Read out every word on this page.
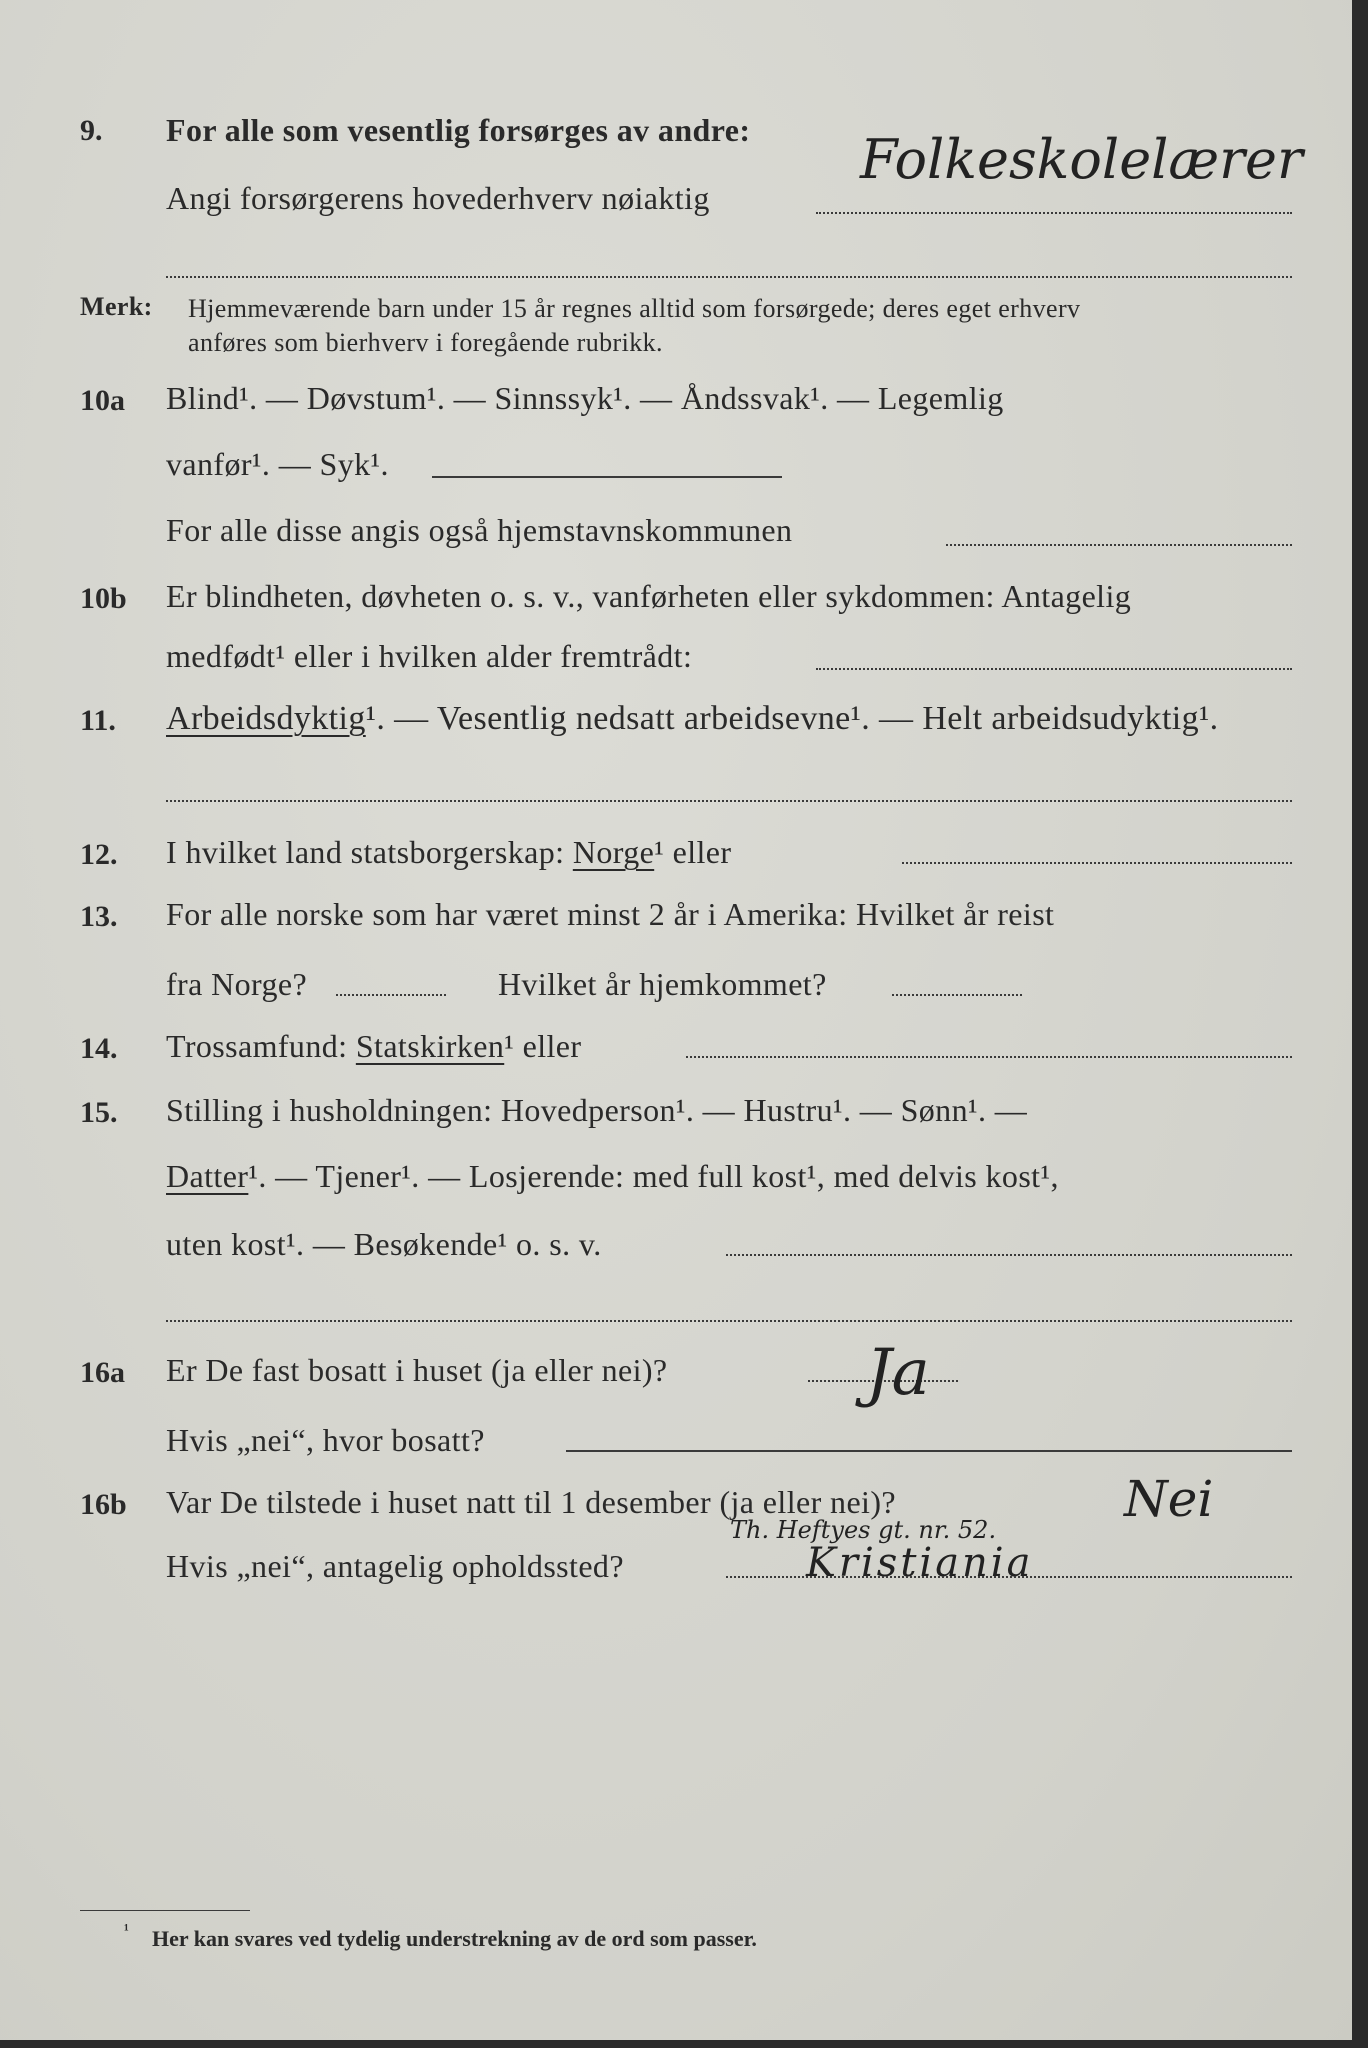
9. For alle som vesentlig forsørges av andre:
Angi forsørgerens hovederhverv nøiaktig
Folkeskolelærer
Merk: Hjemmeværende barn under 15 år regnes alltid som forsørgede; deres eget erhverv
anføres som bierhverv i foregående rubrikk.
10a Blind¹. — Døvstum¹. — Sinnssyk¹. — Åndssvak¹. — Legemlig
vanfør¹. — Syk¹.
For alle disse angis også hjemstavnskommunen
10b Er blindheten, døvheten o. s. v., vanførheten eller sykdommen: Antagelig
medfødt¹ eller i hvilken alder fremtrådt:
11. Arbeidsdyktig¹. — Vesentlig nedsatt arbeidsevne¹. — Helt arbeidsudyktig¹.
12. I hvilket land statsborgerskap: Norge¹ eller
13. For alle norske som har været minst 2 år i Amerika: Hvilket år reist
fra Norge?	Hvilket år hjemkommet?
14. Trossamfund: Statskirken¹ eller
15. Stilling i husholdningen: Hovedperson¹. — Hustru¹. — Sønn¹. —
Datter¹. — Tjener¹. — Losjerende: med full kost¹, med delvis kost¹,
uten kost¹. — Besøkende¹ o. s. v.
16a Er De fast bosatt i huset (ja eller nei)?	Ja
Hvis „nei“, hvor bosatt?
16b Var De tilstede i huset natt til 1 desember (ja eller nei)?	Nei
Hvis „nei“, antagelig opholdssted?
Th. Heftyes gt. nr. 52.
Kristiania
¹ Her kan svares ved tydelig understrekning av de ord som passer.
